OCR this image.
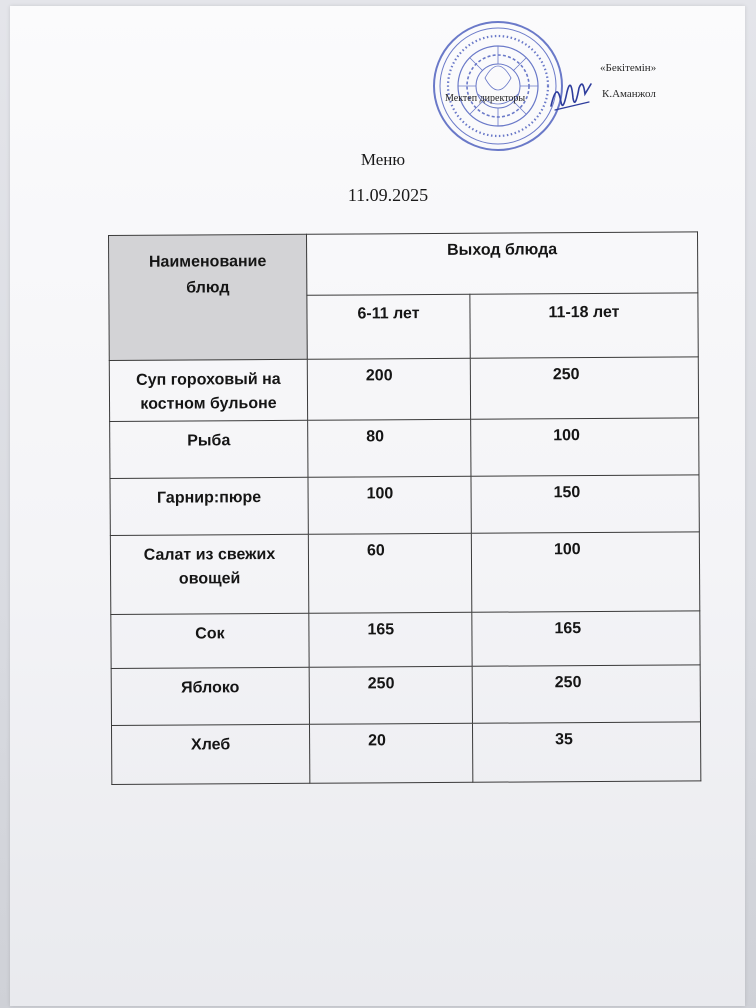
Мектеп директоры
«Бекітемін»
К.Аманжол
Меню
11.09.2025
Наименование блюд	Выход блюда	
	6-11 лет	11-18 лет
Суп гороховый на костном бульоне	200	250
Рыба	80	100
Гарнир:пюре	100	150
Салат из свежих овощей	60	100
Сок	165	165
Яблоко	250	250
Хлеб	20	35
